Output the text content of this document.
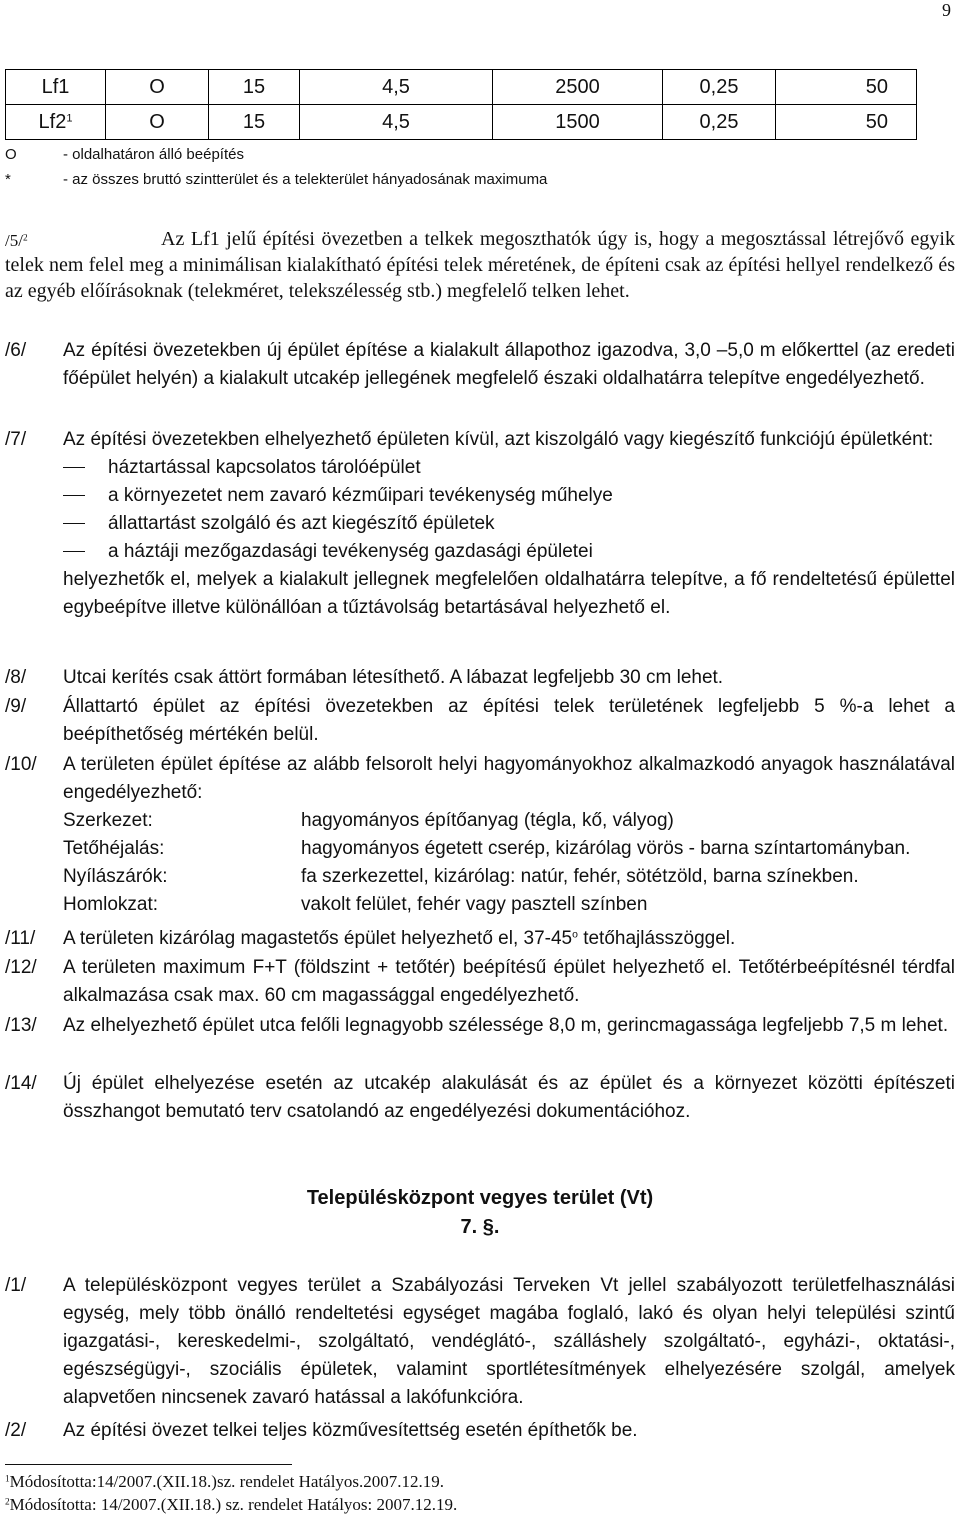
9
Lf1	O	15	4,5	2500	0,25	50
$Lf2^1$	O	15	4,5	1500	0,25	50
O	- oldalhatáron álló beépítés
*	- az összes bruttó szintterület és a telekterület hányadosának maximuma
/5/$^2$	Az Lf1 jelű építési övezetben a telkek megoszthatók úgy is, hogy a megosztással létrejővő egyik telek nem felel meg a minimálisan kialakítható építési telek méretének, de építeni csak az építési hellyel rendelkező és az egyéb előírásoknak (telekméret, telekszélesség stb.) megfelelő telken lehet.
/6/ Az építési övezetekben új épület építése a kialakult állapothoz igazodva, 3,0 –5,0 m előkerttel (az eredeti főépület helyén) a kialakult utcakép jellegének megfelelő északi oldalhatárra telepítve engedélyezhető.
/7/ Az építési övezetekben elhelyezhető épületen kívül, azt kiszolgáló vagy kiegészítő funkciójú épületként:
háztartással kapcsolatos tárolóépület
a környezetet nem zavaró kézműipari tevékenység műhelye
állattartást szolgáló és azt kiegészítő épületek
a háztáji mezőgazdasági tevékenység gazdasági épületei
helyezhetők el, melyek a kialakult jellegnek megfelelően oldalhatárra telepítve, a fő rendeltetésű épülettel egybeépítve illetve különállóan a tűztávolság betartásával helyezhető el.
/8/ Utcai kerítés csak áttört formában létesíthető. A lábazat legfeljebb 30 cm lehet.
/9/ Állattartó épület az építési övezetekben az építési telek területének legfeljebb 5 %-a lehet a beépíthetőség mértékén belül.
/10/ A területen épület építése az alább felsorolt helyi hagyományokhoz alkalmazkodó anyagok használatával engedélyezhető:
Szerkezet:	hagyományos építőanyag (tégla, kő, vályog)
Tetőhéjalás:	hagyományos égetett cserép, kizárólag vörös - barna színtartományban.
Nyílászárók:	fa szerkezettel, kizárólag: natúr, fehér, sötétzöld, barna színekben.
Homlokzat:	vakolt felület, fehér vagy pasztell színben
/11/ A területen kizárólag magastetős épület helyezhető el, 37-45$^o$ tetőhajlásszöggel.
/12/ A területen maximum F+T (földszint + tetőtér) beépítésű épület helyezhető el. Tetőtérbeépítésnél térdfal alkalmazása csak max. 60 cm magassággal engedélyezhető.
/13/ Az elhelyezhető épület utca felőli legnagyobb szélessége 8,0 m, gerincmagassága legfeljebb 7,5 m lehet.
/14/ Új épület elhelyezése esetén az utcakép alakulását és az épület és a környezet közötti építészeti összhangot bemutató terv csatolandó az engedélyezési dokumentációhoz.
Településközpont vegyes terület (Vt)
7. §.
/1/ A településközpont vegyes terület a Szabályozási Terveken Vt jellel szabályozott területfelhasználási egység, mely több önálló rendeltetési egységet magába foglaló, lakó és olyan helyi települési szintű igazgatási-, kereskedelmi-, szolgáltató, vendéglátó-, szálláshely szolgáltató-, egyházi-, oktatási-, egészségügyi-, szociális épületek, valamint sportlétesítmények elhelyezésére szolgál, amelyek alapvetően nincsenek zavaró hatással a lakófunkcióra.
/2/ Az építési övezet telkei teljes közművesítettség esetén építhetők be.
$^1$Módosította:14/2007.(XII.18.)sz. rendelet Hatályos.2007.12.19.
$^2$Módosította: 14/2007.(XII.18.) sz. rendelet Hatályos: 2007.12.19.
